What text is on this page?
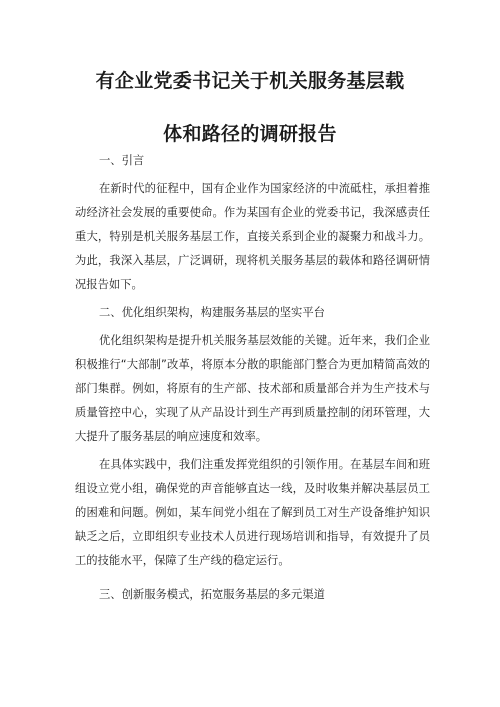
有企业党委书记关于机关服务基层载
体和路径的调研报告

一、引言

在新时代的征程中，国有企业作为国家经济的中流砥柱，承担着推动经济社会发展的重要使命。作为某国有企业的党委书记，我深感责任重大，特别是机关服务基层工作，直接关系到企业的凝聚力和战斗力。为此，我深入基层，广泛调研，现将机关服务基层的载体和路径调研情况报告如下。

二、优化组织架构，构建服务基层的坚实平台

优化组织架构是提升机关服务基层效能的关键。近年来，我们企业积极推行“大部制”改革，将原本分散的职能部门整合为更加精简高效的部门集群。例如，将原有的生产部、技术部和质量部合并为生产技术与质量管控中心，实现了从产品设计到生产再到质量控制的闭环管理，大大提升了服务基层的响应速度和效率。

在具体实践中，我们注重发挥党组织的引领作用。在基层车间和班组设立党小组，确保党的声音能够直达一线，及时收集并解决基层员工的困难和问题。例如，某车间党小组在了解到员工对生产设备维护知识缺乏之后，立即组织专业技术人员进行现场培训和指导，有效提升了员工的技能水平，保障了生产线的稳定运行。

三、创新服务模式，拓宽服务基层的多元渠道
